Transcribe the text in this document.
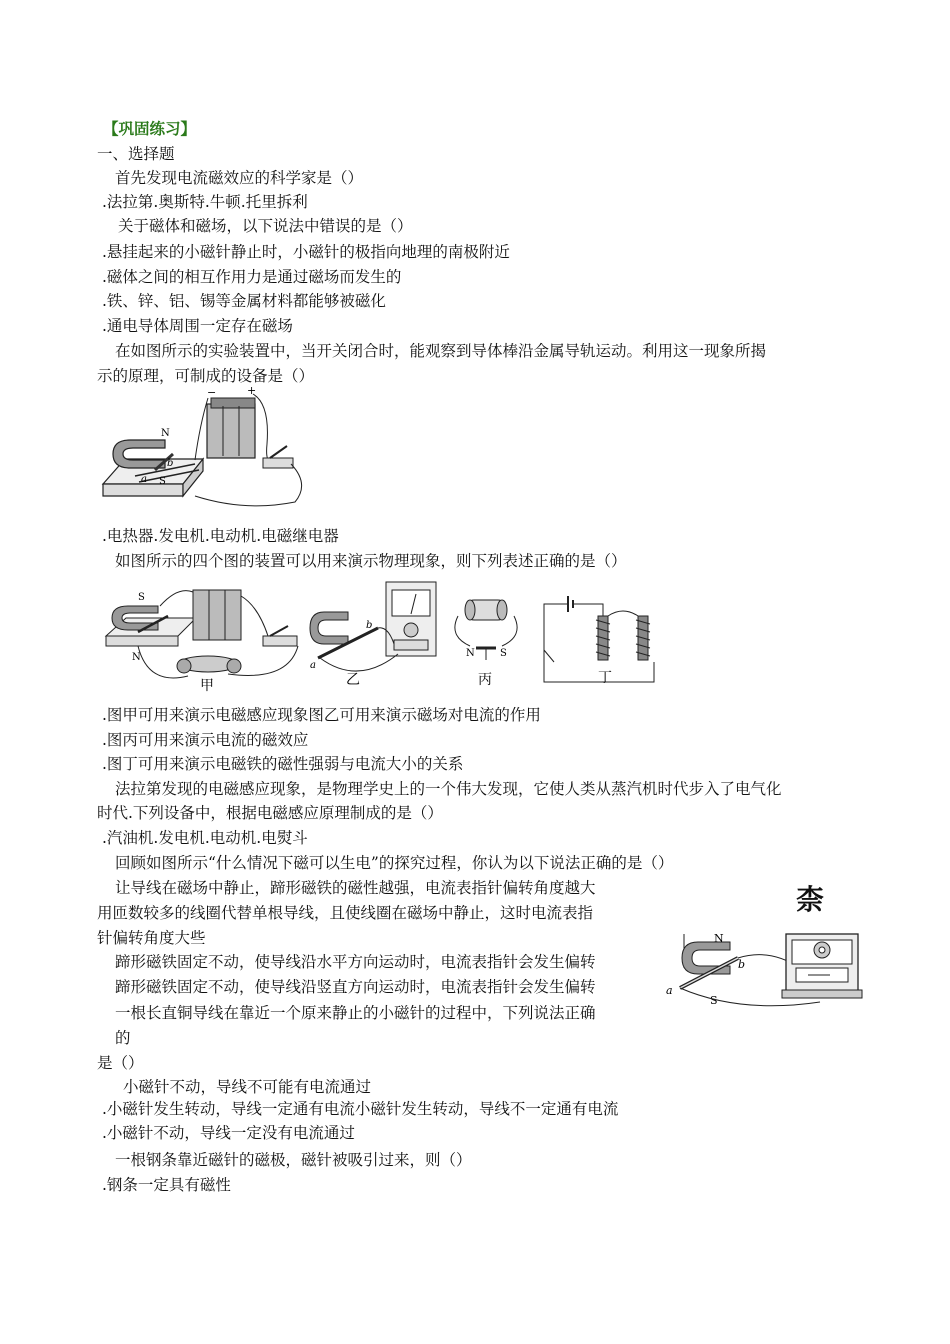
【巩固练习】
一、选择题
首先发现电流磁效应的科学家是（）
.法拉第.奥斯特.牛顿.托里拆利
关于磁体和磁场，以下说法中错误的是（）
.悬挂起来的小磁针静止时，小磁针的极指向地理的南极附近
.磁体之间的相互作用力是通过磁场而发生的
.铁、锌、铝、锡等金属材料都能够被磁化
.通电导体周围一定存在磁场
在如图所示的实验装置中，当开关闭合时，能观察到导体棒沿金属导轨运动。利用这一现象所揭
示的原理，可制成的设备是（）
N
b
a S
−	+
.电热器.发电机.电动机.电磁继电器
如图所示的四个图的装置可以用来演示物理现象，则下列表述正确的是（）
S
N
甲
a
b
乙
N	S
丙	丁
.图甲可用来演示电磁感应现象图乙可用来演示磁场对电流的作用
.图丙可用来演示电流的磁效应
.图丁可用来演示电磁铁的磁性强弱与电流大小的关系
法拉第发现的电磁感应现象，是物理学史上的一个伟大发现，它使人类从蒸汽机时代步入了电气化
时代.下列设备中，根据电磁感应原理制成的是（）
.汽油机.发电机.电动机.电熨斗
回顾如图所示“什么情况下磁可以生电”的探究过程，你认为以下说法正确的是（）
让导线在磁场中静止，蹄形磁铁的磁性越强，电流表指针偏转角度越大
用匝数较多的线圈代替单根导线，且使线圈在磁场中静止，这时电流表指
针偏转角度大些
蹄形磁铁固定不动，使导线沿水平方向运动时，电流表指针会发生偏转
蹄形磁铁固定不动，使导线沿竖直方向运动时，电流表指针会发生偏转
柰
N
b
a
S
一根长直铜导线在靠近一个原来静止的小磁针的过程中，下列说法正确
的
是（）
小磁针不动，导线不可能有电流通过
.小磁针发生转动，导线一定通有电流小磁针发生转动，导线不一定通有电流
.小磁针不动，导线一定没有电流通过
一根钢条靠近磁针的磁极，磁针被吸引过来，则（）
.钢条一定具有磁性
